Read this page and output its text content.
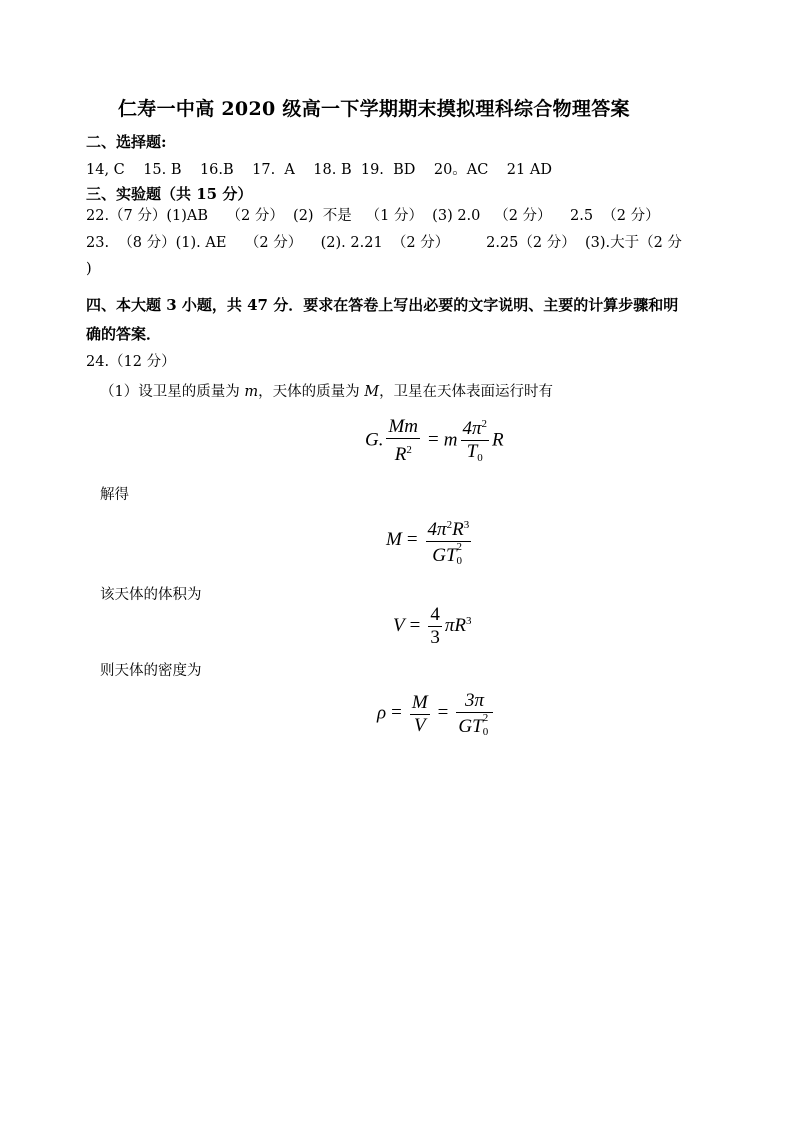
仁寿一中高 2020 级高一下学期期末摸拟理科综合物理答案
二、选择题:
14, C    15. B    16.B    17.  A    18. B  19.  BD    20。AC    21 AD
三、实验题（共 15 分）
22.（7 分）(1)AB    （2 分）  (2)  不是   （1 分）  (3) 2.0   （2 分）    2.5  （2 分）
23.  （8 分）(1). AE    （2 分）    (2). 2.21  （2 分）        2.25（2 分）  (3).大于（2 分
)
四、本大题 3 小题，共 47 分．要求在答卷上写出必要的文字说明、主要的计算步骤和明
确的答案．
24.（12 分）
（1）设卫星的质量为 m，天体的质量为 M，卫星在天体表面运行时有
G. $\frac{Mm}{R^2} = m \frac{4\pi^2}{T_0}$ R
解得
$M = 4\pi^2R^3$
GT 2
0
该天体的体积为
$V = \frac{4}{3} \pi R^3$
则天体的密度为
$\rho = \frac{M}{V} = 3\pi$
GT 2
0
